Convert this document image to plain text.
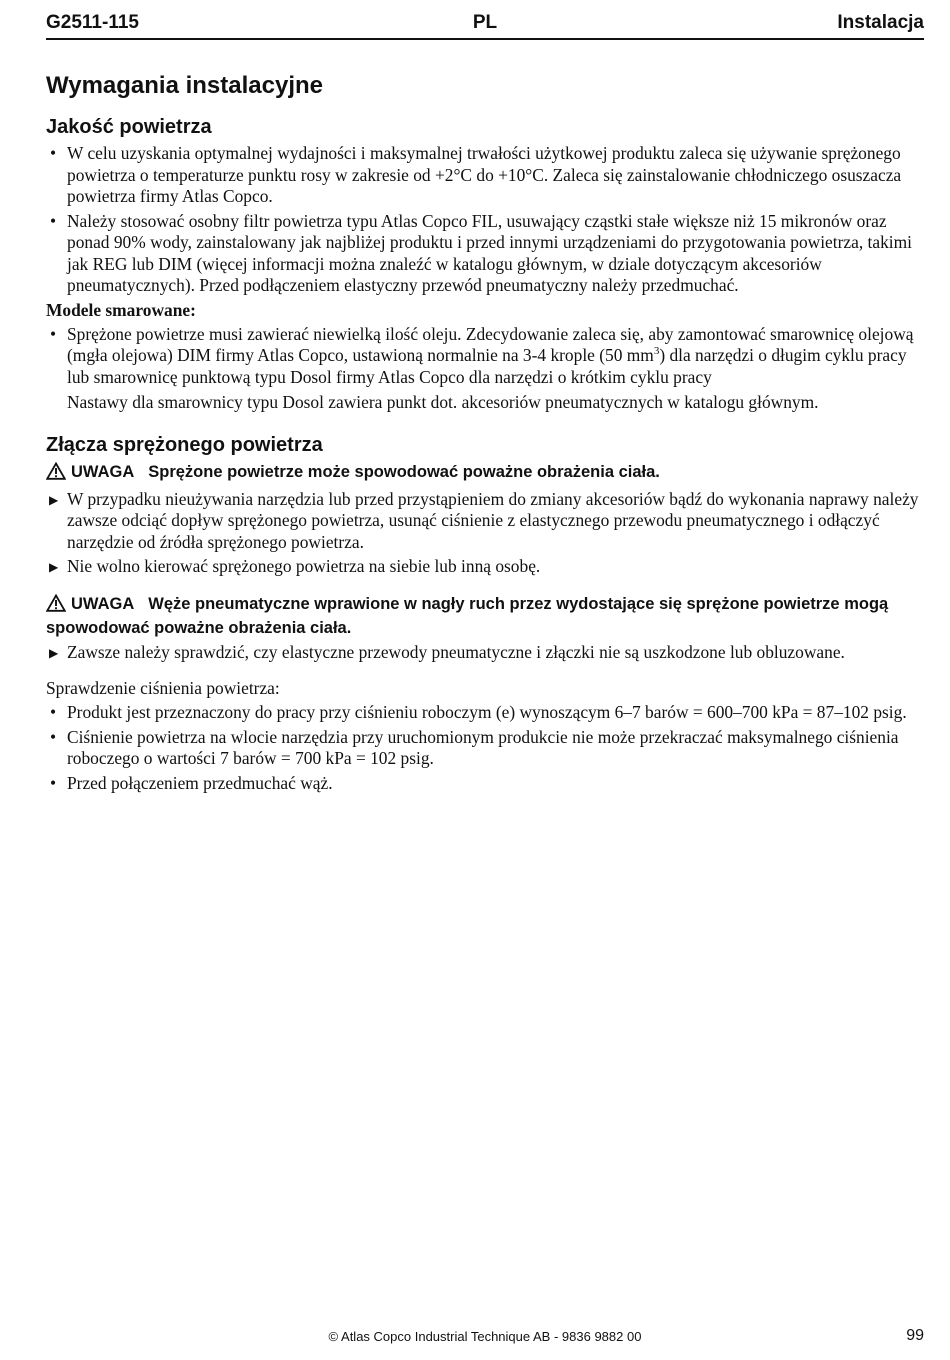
G2511-115	PL	Instalacja
Wymagania instalacyjne
Jakość powietrza
• W celu uzyskania optymalnej wydajności i maksymalnej trwałości użytkowej produktu zaleca się używanie sprężonego powietrza o temperaturze punktu rosy w zakresie od +2°C do +10°C. Zaleca się zainstalowanie chłodniczego osuszacza powietrza firmy Atlas Copco.
• Należy stosować osobny filtr powietrza typu Atlas Copco FIL, usuwający cząstki stałe większe niż 15 mikronów oraz ponad 90% wody, zainstalowany jak najbliżej produktu i przed innymi urządzeniami do przygotowania powietrza, takimi jak REG lub DIM (więcej informacji można znaleźć w katalogu głównym, w dziale dotyczącym akcesoriów pneumatycznych). Przed podłączeniem elastyczny przewód pneumatyczny należy przedmuchać.
Modele smarowane:
• Sprężone powietrze musi zawierać niewielką ilość oleju. Zdecydowanie zaleca się, aby zamontować smarownicę olejową (mgła olejowa) DIM firmy Atlas Copco, ustawioną normalnie na 3-4 krople (50 $mm^3$) dla narzędzi o długim cyklu pracy lub smarownicę punktową typu Dosol firmy Atlas Copco dla narzędzi o krótkim cyklu pracy
Nastawy dla smarownicy typu Dosol zawiera punkt dot. akcesoriów pneumatycznych w katalogu głównym.
Złącza sprężonego powietrza
UWAGA Sprężone powietrze może spowodować poważne obrażenia ciała.
▶ W przypadku nieużywania narzędzia lub przed przystąpieniem do zmiany akcesoriów bądź do wykonania naprawy należy zawsze odciąć dopływ sprężonego powietrza, usunąć ciśnienie z elastycznego przewodu pneumatycznego i odłączyć narzędzie od źródła sprężonego powietrza.
▶ Nie wolno kierować sprężonego powietrza na siebie lub inną osobę.
UWAGA Węże pneumatyczne wprawione w nagły ruch przez wydostające się sprężone powietrze mogą spowodować poważne obrażenia ciała.
▶ Zawsze należy sprawdzić, czy elastyczne przewody pneumatyczne i złączki nie są uszkodzone lub obluzowane.
Sprawdzenie ciśnienia powietrza:
• Produkt jest przeznaczony do pracy przy ciśnieniu roboczym (e) wynoszącym 6–7 barów = 600–700 kPa = 87–102 psig.
• Ciśnienie powietrza na wlocie narzędzia przy uruchomionym produkcie nie może przekraczać maksymalnego ciśnienia roboczego o wartości 7 barów = 700 kPa = 102 psig.
• Przed połączeniem przedmuchać wąż.
© Atlas Copco Industrial Technique AB - 9836 9882 00	99
